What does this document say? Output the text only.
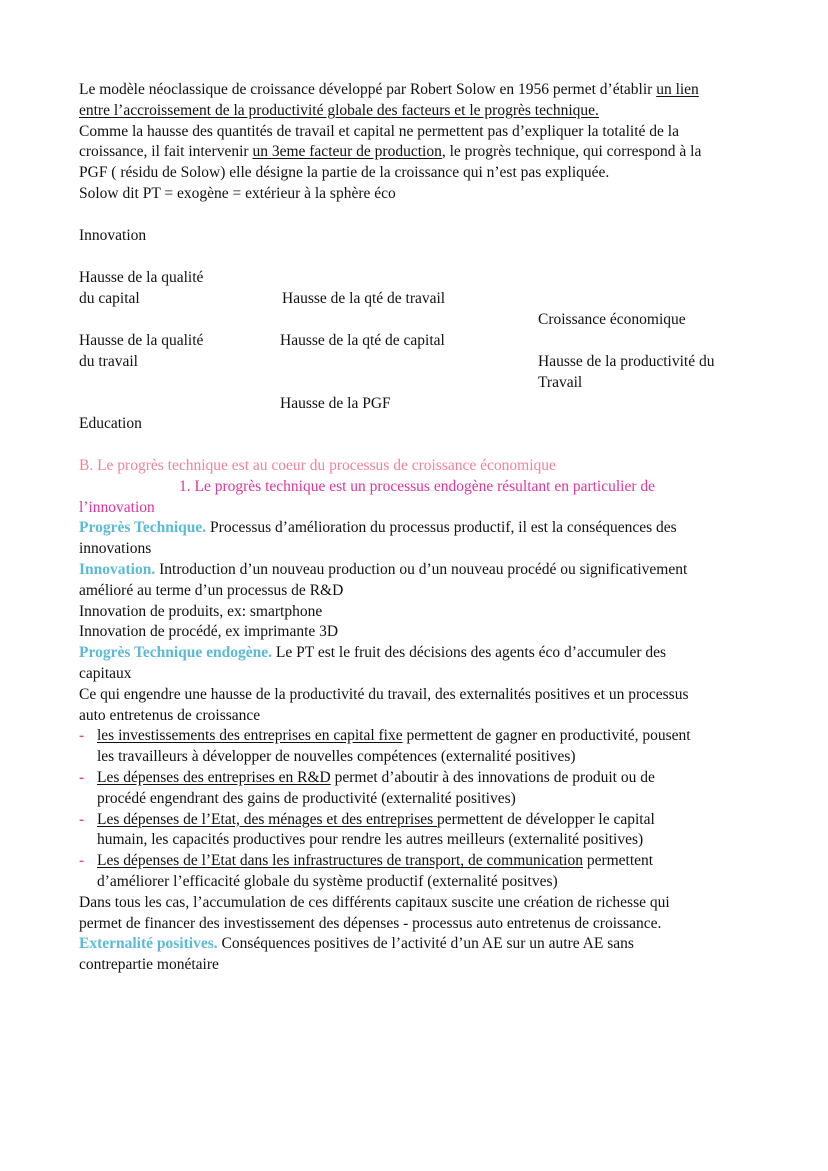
Le modèle néoclassique de croissance développé par Robert Solow en 1956 permet d’établir un lien
entre l’accroissement de la productivité globale des facteurs et le progrès technique.
Comme la hausse des quantités de travail et capital ne permettent pas d’expliquer la totalité de la
croissance, il fait intervenir un 3eme facteur de production, le progrès technique, qui correspond à la
PGF ( résidu de Solow) elle désigne la partie de la croissance qui n’est pas expliquée.
Solow dit PT = exogène = extérieur à la sphère éco
Innovation
Hausse de la qualité
du capital	Hausse de la qté de travail
Croissance économique
Hausse de la qualité
du travail
Hausse de la qté de capital
Hausse de la productivité du
Travail
Hausse de la PGF
Education
B. Le progrès technique est au coeur du processus de croissance économique
1. Le progrès technique est un processus endogène résultant en particulier de
l’innovation
Progrès Technique. Processus d’amélioration du processus productif, il est la conséquences des
innovations
Innovation. Introduction d’un nouveau production ou d’un nouveau procédé ou significativement
amélioré au terme d’un processus de R&D
Innovation de produits, ex: smartphone
Innovation de procédé, ex imprimante 3D
Progrès Technique endogène. Le PT est le fruit des décisions des agents éco d’accumuler des
capitaux
Ce qui engendre une hausse de la productivité du travail, des externalités positives et un processus
auto entretenus de croissance
- les investissements des entreprises en capital fixe permettent de gagner en productivité, pousent
les travailleurs à développer de nouvelles compétences (externalité positives)
- Les dépenses des entreprises en R&D permet d’aboutir à des innovations de produit ou de
procédé engendrant des gains de productivité (externalité positives)
- Les dépenses de l’Etat, des ménages et des entreprises permettent de développer le capital
humain, les capacités productives pour rendre les autres meilleurs (externalité positives)
- Les dépenses de l’Etat dans les infrastructures de transport, de communication permettent
d’améliorer l’efficacité globale du système productif (externalité positves)
Dans tous les cas, l’accumulation de ces différents capitaux suscite une création de richesse qui
permet de financer des investissement des dépenses - processus auto entretenus de croissance.
Externalité positives. Conséquences positives de l’activité d’un AE sur un autre AE sans
contrepartie monétaire
